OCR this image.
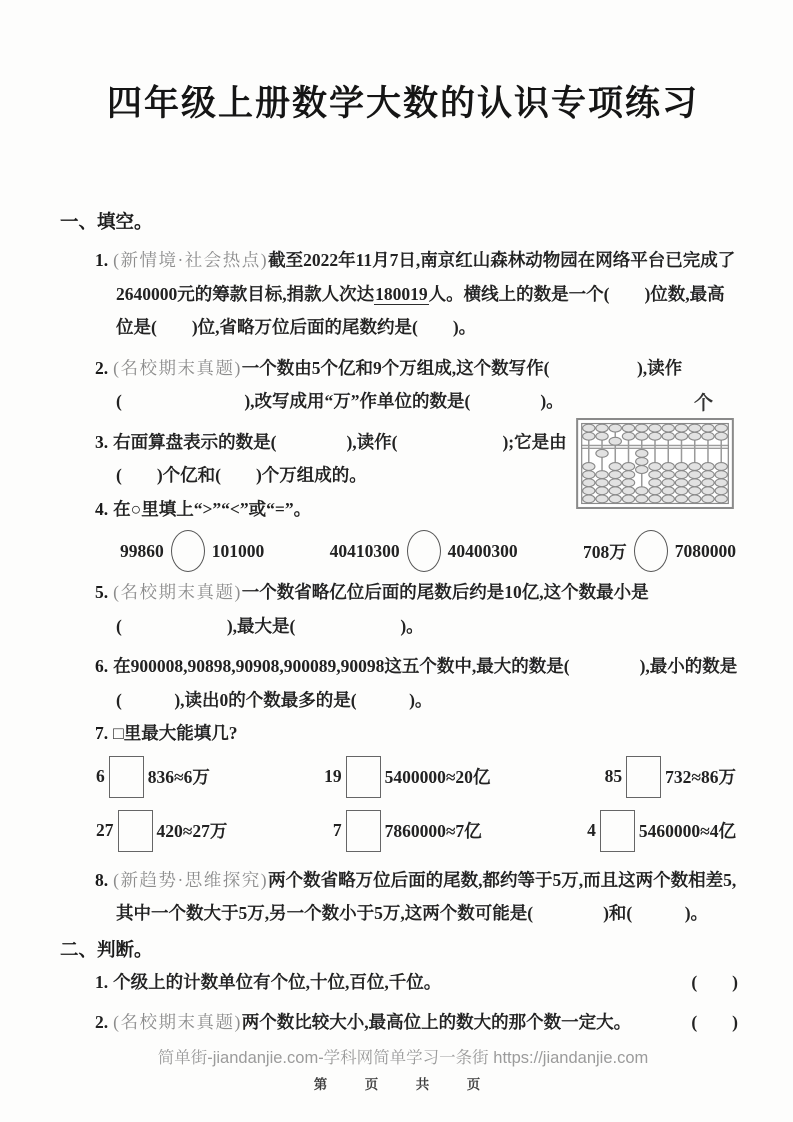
四年级上册数学大数的认识专项练习
一、填空。

1. (新情境·社会热点)截至2022年11月7日,南京红山森林动物园在网络平台已完成了2640000元的筹款目标,捐款人次达180019人。横线上的数是一个(　　)位数,最高位是(　　)位,省略万位后面的尾数约是(　　)。

2. (名校期末真题)一个数由5个亿和9个万组成,这个数写作(　　　　　),读作(　　　　　　　),改写成用“万”作单位的数是(　　　　)。

3. 右面算盘表示的数是(　　　　),读作(　　　　　　);它是由(　　)个亿和(　　)个万组成的。

4. 在○里填上“>”“<”或“=”。

99860	101000	40410300	40400300	708万	7080000

5. (名校期末真题)一个数省略亿位后面的尾数后约是10亿,这个数最小是(　　　　　　),最大是(　　　　　　)。

6. 在900008,90898,90908,900089,90098这五个数中,最大的数是(　　　　),最小的数是(　　　),读出0的个数最多的是(　　　)。

7. □里最大能填几?

6 836≈6万	19 5400000≈20亿	85 732≈86万
27 420≈27万	7 7860000≈7亿	4 5460000≈4亿

8. (新趋势·思维探究)两个数省略万位后面的尾数,都约等于5万,而且这两个数相差5,其中一个数大于5万,另一个数小于5万,这两个数可能是(　　　　)和(　　　)。

二、判断。
1. 个级上的计数单位有个位,十位,百位,千位。	(　　)
2. (名校期末真题)两个数比较大小,最高位上的数大的那个数一定大。	(　　)
简单街-jiandanjie.com-学科网简单学习一条街 https://jiandanjie.com
第　页　共　页
个
